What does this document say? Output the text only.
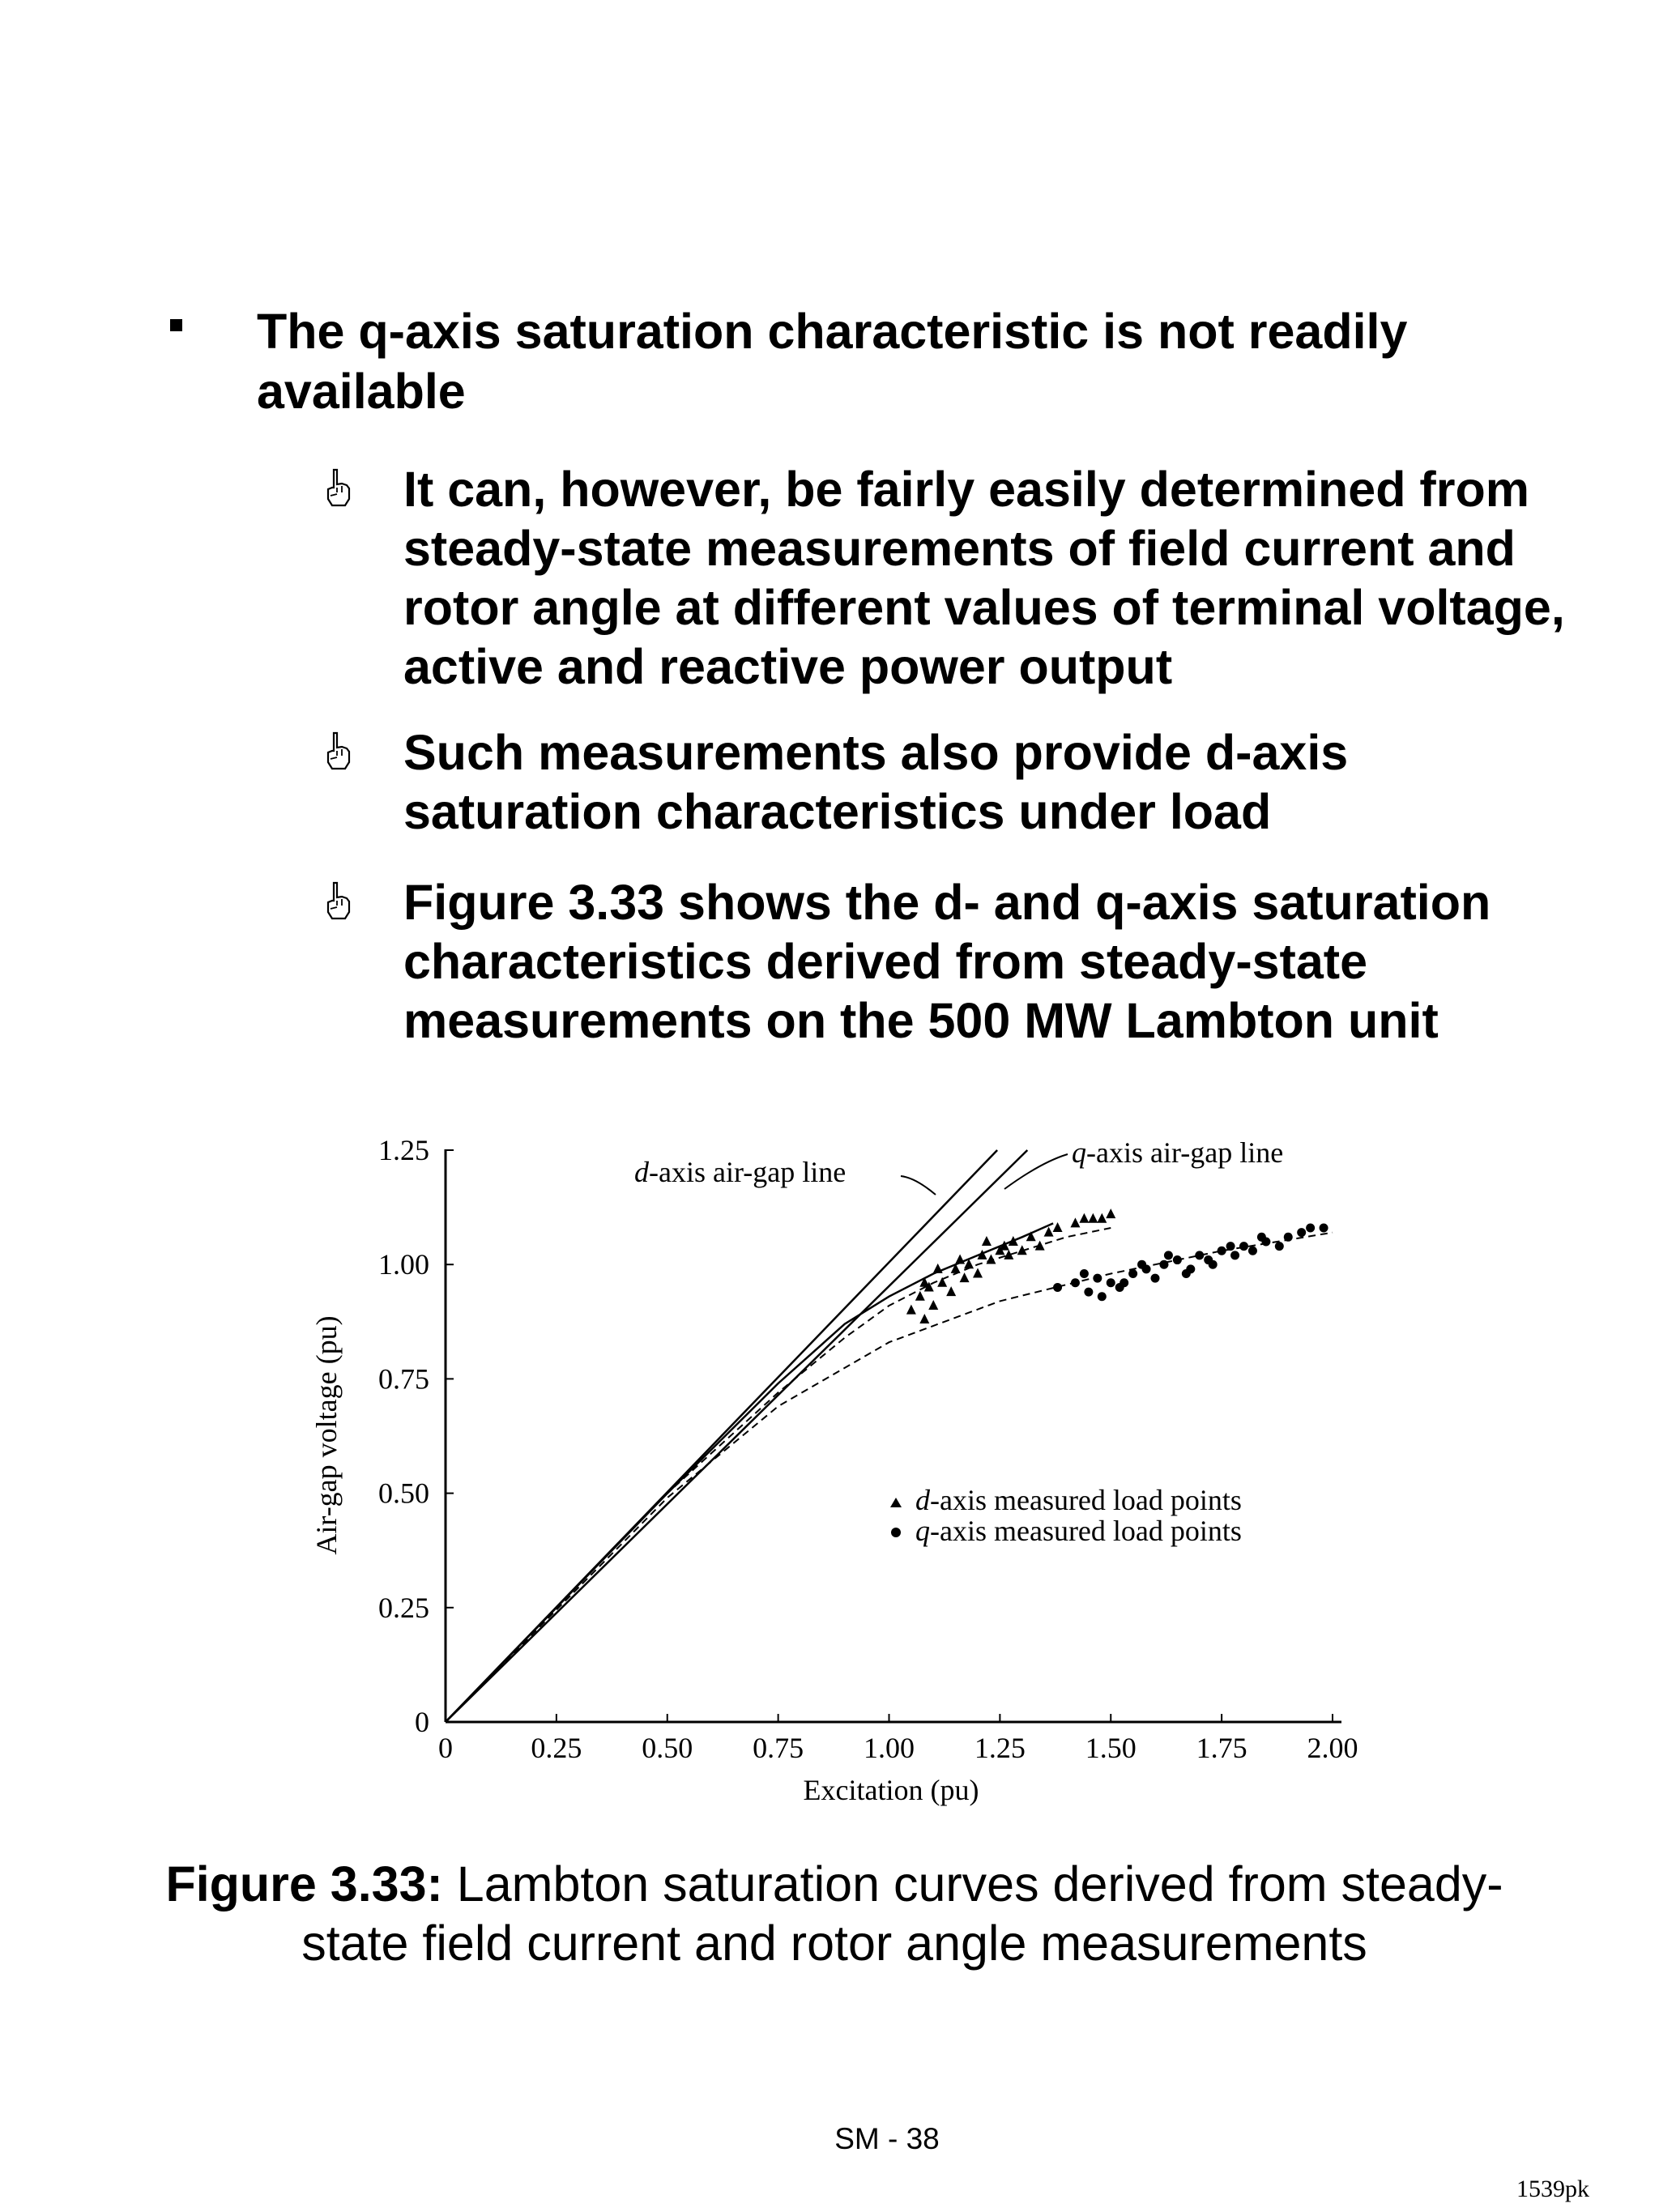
The q-axis saturation characteristic is not readily available
It can, however, be fairly easily determined from steady-state measurements of field current and rotor angle at different values of terminal voltage, active and reactive power output
Such measurements also provide d-axis saturation characteristics under load
Figure 3.33 shows the d- and q-axis saturation characteristics derived from steady-state measurements on the 500 MW Lambton unit
0	0.25 0.50 0.75 1.00 1.25 1.50 1.75 2.00
0
0.25
0.50
0.75
1.00
1.25
Air-gap voltage (pu)
Excitation (pu)
d-axis air-gap line
q-axis air-gap line
d-axis measured load points
q-axis measured load points
Figure 3.33: Lambton saturation curves derived from steady-state field current and rotor angle measurements
SM - 38
1539pk
